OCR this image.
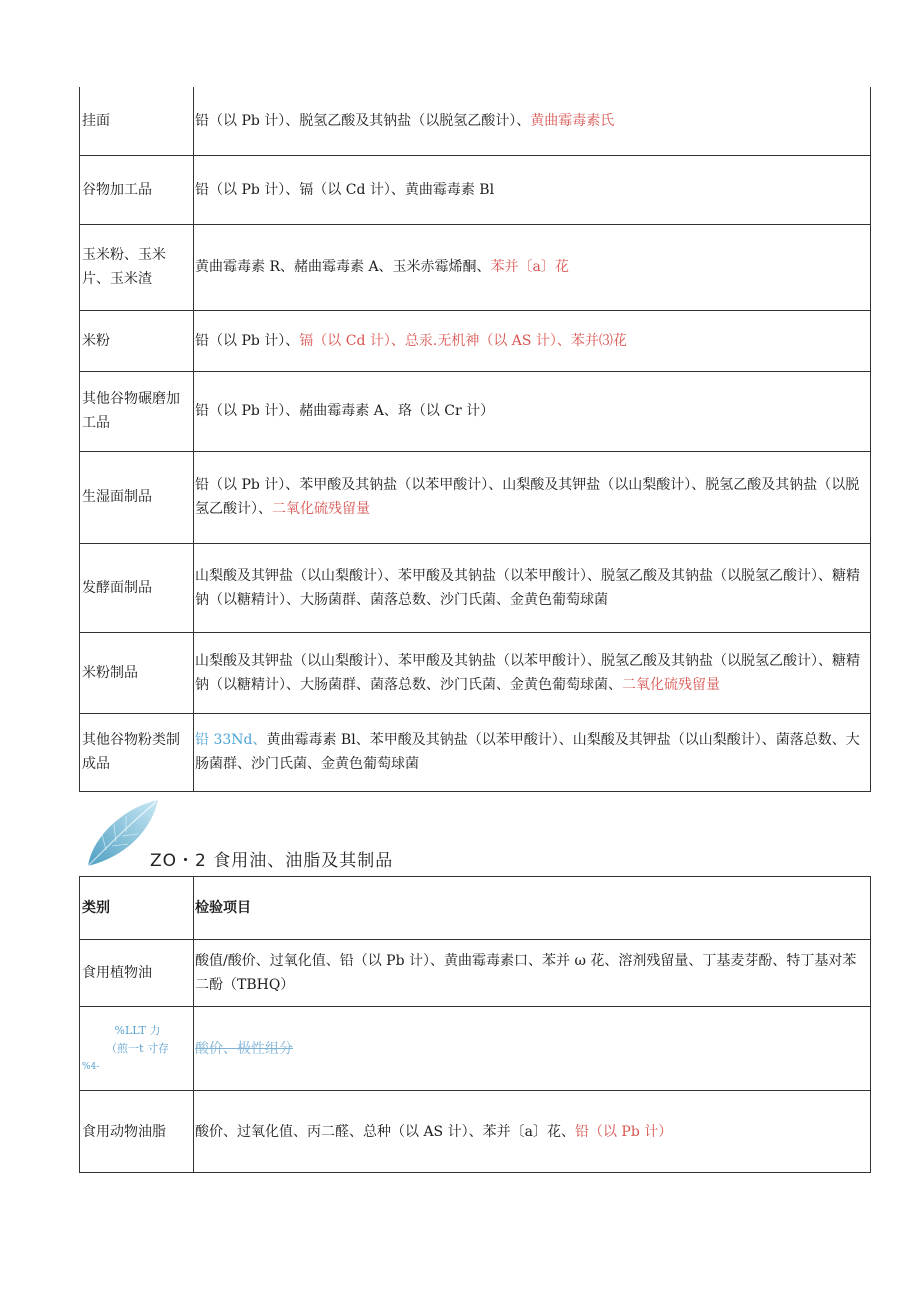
挂面	铅（以 Pb 计）、脱氢乙酸及其钠盐（以脱氢乙酸计）、黄曲霉毒素氏
谷物加工品	铅（以 Pb 计）、镉（以 Cd 计）、黄曲霉毒素 Bl
玉米粉、玉米片、玉米渣	黄曲霉毒素 R、赭曲霉毒素 A、玉米赤霉烯酮、苯并〔a〕花
米粉	铅（以 Pb 计）、镉（以 Cd 计）、总汞.无机神（以 AS 计）、苯并⑶花
其他谷物碾磨加工品	铅（以 Pb 计）、赭曲霉毒素 A、珞（以 Cr 计）
生湿面制品	铅（以 Pb 计）、苯甲酸及其钠盐（以苯甲酸计）、山梨酸及其钾盐（以山梨酸计）、脱氢乙酸及其钠盐（以脱氢乙酸计）、二氧化硫残留量
发酵面制品	山梨酸及其钾盐（以山梨酸计）、苯甲酸及其钠盐（以苯甲酸计）、脱氢乙酸及其钠盐（以脱氢乙酸计）、糖精钠（以糖精计）、大肠菌群、菌落总数、沙门氏菌、金黄色葡萄球菌
米粉制品	山梨酸及其钾盐（以山梨酸计）、苯甲酸及其钠盐（以苯甲酸计）、脱氢乙酸及其钠盐（以脱氢乙酸计）、糖精钠（以糖精计）、大肠菌群、菌落总数、沙门氏菌、金黄色葡萄球菌、二氧化硫残留量
其他谷物粉类制成品	铅 33Nd、黄曲霉毒素 Bl、苯甲酸及其钠盐（以苯甲酸计）、山梨酸及其钾盐（以山梨酸计）、菌落总数、大肠菌群、沙门氏菌、金黄色葡萄球菌
ZO・2 食用油、油脂及其制品
类别	检验项目
食用植物油	酸值/酸价、过氧化值、铅（以 Pb 计）、黄曲霉毒素口、苯并 ω 花、溶剂残留量、丁基麦芽酚、特丁基对苯二酚（TBHQ）

%LLT 力
（煎一t 寸存
%4-	酸价、极性组分
食用动物油脂	酸价、过氧化值、丙二醛、总种（以 AS 计）、苯并〔a〕花、铅（以 Pb 计）
